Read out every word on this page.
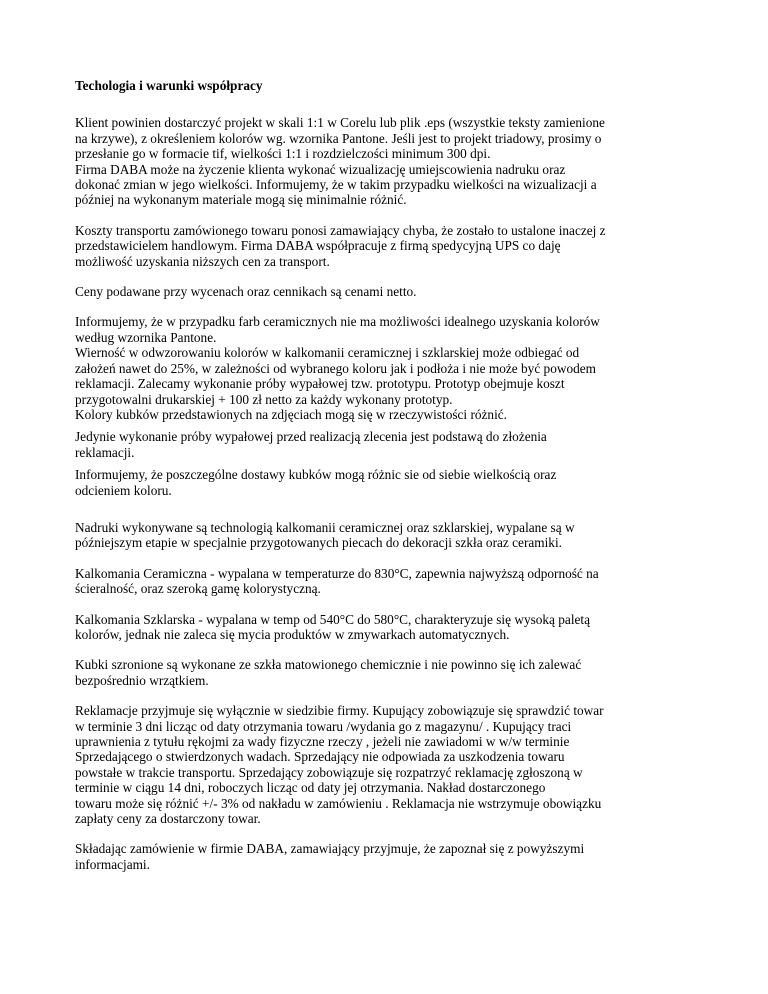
Techologia i warunki współpracy
Klient powinien dostarczyć projekt w skali 1:1 w Corelu lub plik .eps (wszystkie teksty zamienione
na krzywe), z określeniem kolorów wg. wzornika Pantone. Jeśli jest to projekt triadowy, prosimy o
przesłanie go w formacie tif, wielkości 1:1 i rozdzielczości minimum 300 dpi.
Firma DABA może na życzenie klienta wykonać wizualizację umiejscowienia nadruku oraz
dokonać zmian w jego wielkości. Informujemy, że w takim przypadku wielkości na wizualizacji a
później na wykonanym materiale mogą się minimalnie różnić.
Koszty transportu zamówionego towaru ponosi zamawiający chyba, że zostało to ustalone inaczej z
przedstawicielem handlowym. Firma DABA współpracuje z firmą spedycyjną UPS co daję
możliwość uzyskania niższych cen za transport.
Ceny podawane przy wycenach oraz cennikach są cenami netto.
Informujemy, że w przypadku farb ceramicznych nie ma możliwości idealnego uzyskania kolorów
według wzornika Pantone.
Wierność w odwzorowaniu kolorów w kalkomanii ceramicznej i szklarskiej może odbiegać od
założeń nawet do 25%, w zależności od wybranego koloru jak i podłoża i nie może być powodem
reklamacji. Zalecamy wykonanie próby wypałowej tzw. prototypu. Prototyp obejmuje koszt
przygotowalni drukarskiej + 100 zł netto za każdy wykonany prototyp.
Kolory kubków przedstawionych na zdjęciach mogą się w rzeczywistości różnić.
Jedynie wykonanie próby wypałowej przed realizacją zlecenia jest podstawą do złożenia
reklamacji.
Informujemy, że poszczególne dostawy kubków mogą różnic sie od siebie wielkością oraz
odcieniem koloru.
Nadruki wykonywane są technologią kalkomanii ceramicznej oraz szklarskiej, wypalane są w
późniejszym etapie w specjalnie przygotowanych piecach do dekoracji szkła oraz ceramiki.
Kalkomania Ceramiczna - wypalana w temperaturze do 830°C, zapewnia najwyższą odporność na
ścieralność, oraz szeroką gamę kolorystyczną.
Kalkomania Szklarska - wypalana w temp od 540°C do 580°C, charakteryzuje się wysoką paletą
kolorów, jednak nie zaleca się mycia produktów w zmywarkach automatycznych.
Kubki szronione są wykonane ze szkła matowionego chemicznie i nie powinno się ich zalewać
bezpośrednio wrzątkiem.
Reklamacje przyjmuje się wyłącznie w siedzibie firmy. Kupujący zobowiązuje się sprawdzić towar
w terminie 3 dni licząc od daty otrzymania towaru /wydania go z magazynu/ . Kupujący traci
uprawnienia z tytułu rękojmi za wady fizyczne rzeczy , jeżeli nie zawiadomi w w/w terminie
Sprzedającego o stwierdzonych wadach. Sprzedający nie odpowiada za uszkodzenia towaru
powstałe w trakcie transportu. Sprzedający zobowiązuje się rozpatrzyć reklamację zgłoszoną w
terminie w ciągu 14 dni, roboczych licząc od daty jej otrzymania. Nakład dostarczonego
towaru może się różnić +/- 3% od nakładu w zamówieniu . Reklamacja nie wstrzymuje obowiązku
zapłaty ceny za dostarczony towar.
Składając zamówienie w firmie DABA, zamawiający przyjmuje, że zapoznał się z powyższymi
informacjami.
